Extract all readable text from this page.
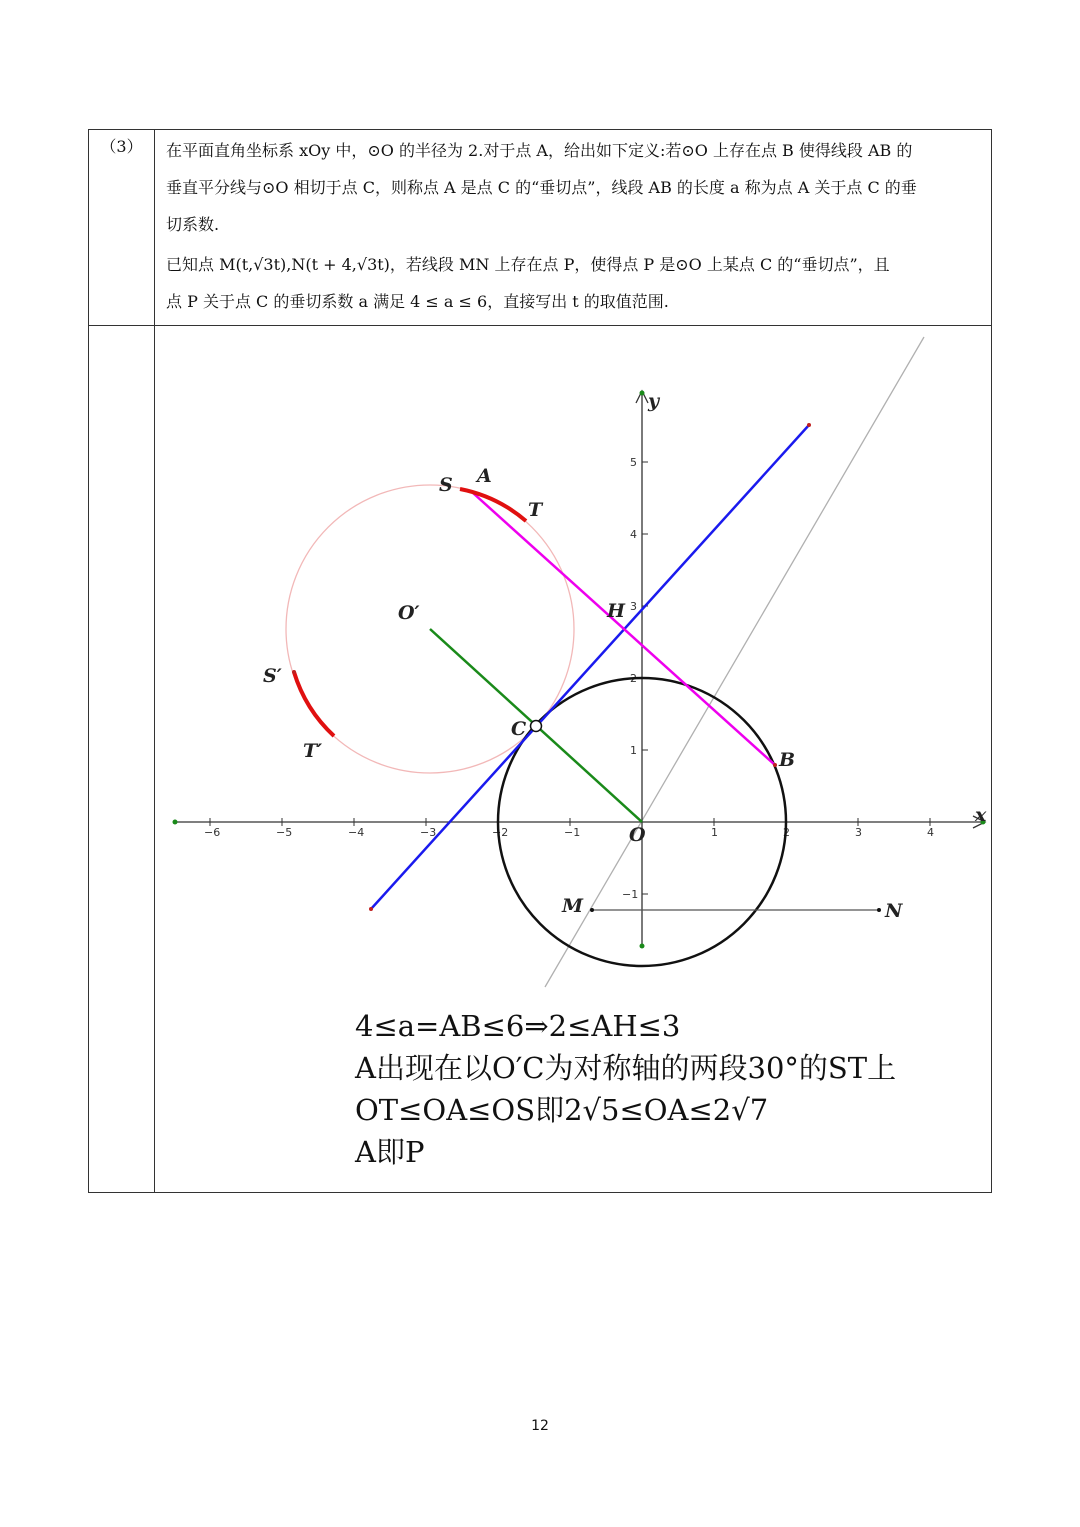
（3）	在平面直角坐标系 xOy 中，⊙O 的半径为 2.对于点 A，给出如下定义:若⊙O 上存在点 B 使得线段 AB 的

垂直平分线与⊙O 相切于点 C，则称点 A 是点 C 的“垂切点”，线段 AB 的长度 a 称为点 A 关于点 C 的垂

切系数.

已知点 M(t,√3t),N(t + 4,√3t)，若线段 MN 上存在点 P，使得点 P 是⊙O 上某点 C 的“垂切点”，且

点 P 关于点 C 的垂切系数 a 满足 4 ≤ a ≤ 6，直接写出 t 的取值范围.

x
y
−6	−5	−4	−3	−2	−1	1	2	3	4
−1
1
2
3
4
5
A
S
T
O′	H
S′
T′
C
B
O
M	N
4≤a=AB≤6⇒2≤AH≤3
A出现在以O′C为对称轴的两段30°的ST上
OT≤OA≤OS即2√5≤OA≤2√7
A即P
12
